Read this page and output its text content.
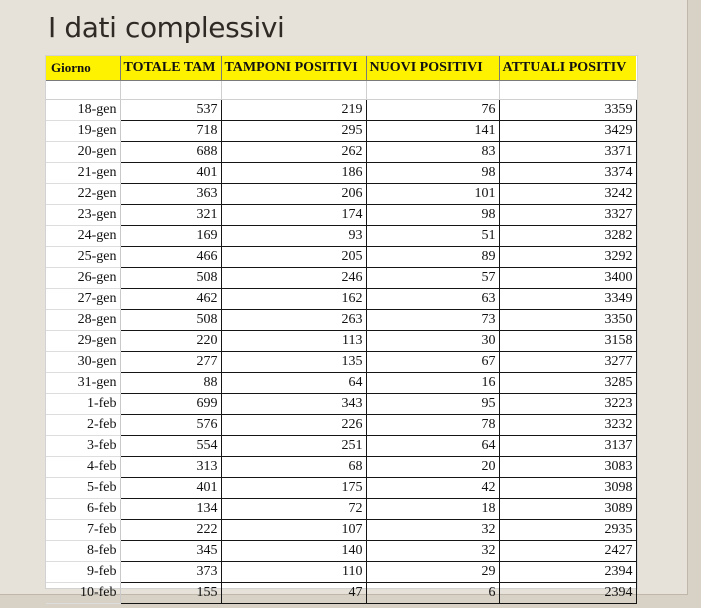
I dati complessivi
Giorno	TOTALE TAM	TAMPONI POSITIVI	NUOVI POSITIVI	ATTUALI POSITIV

18-gen	537	219	76	3359
19-gen	718	295	141	3429
20-gen	688	262	83	3371
21-gen	401	186	98	3374
22-gen	363	206	101	3242
23-gen	321	174	98	3327
24-gen	169	93	51	3282
25-gen	466	205	89	3292
26-gen	508	246	57	3400
27-gen	462	162	63	3349
28-gen	508	263	73	3350
29-gen	220	113	30	3158
30-gen	277	135	67	3277
31-gen	88	64	16	3285
1-feb	699	343	95	3223
2-feb	576	226	78	3232
3-feb	554	251	64	3137
4-feb	313	68	20	3083
5-feb	401	175	42	3098
6-feb	134	72	18	3089
7-feb	222	107	32	2935
8-feb	345	140	32	2427
9-feb	373	110	29	2394
10-feb	155	47	6	2394
